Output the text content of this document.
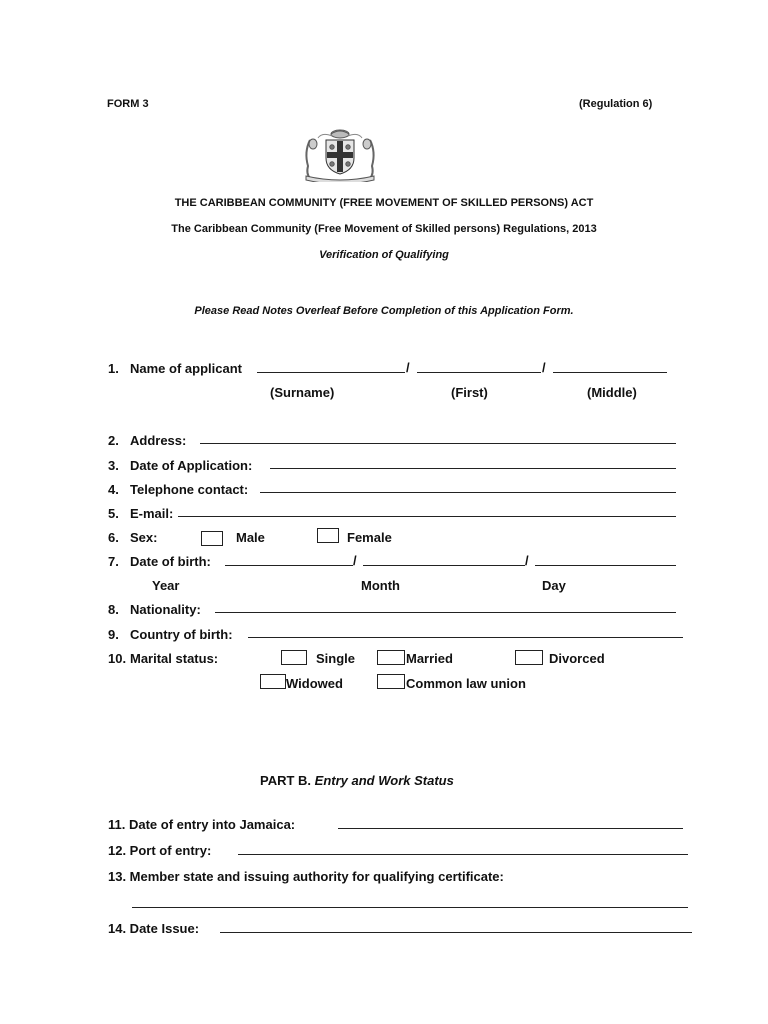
FORM 3	(Regulation 6)
THE CARIBBEAN COMMUNITY (FREE MOVEMENT OF SKILLED PERSONS) ACT
The Caribbean Community (Free Movement of Skilled persons) Regulations, 2013
Verification of Qualifying
Please Read Notes Overleaf Before Completion of this Application Form.
1. Name of applicant	/	/
(Surname)	(First)	(Middle)
2. Address:
3. Date of Application:
4. Telephone contact:
5. E-mail:
6. Sex:	Male	Female
7. Date of birth:	/	/
Year	Month	Day
8. Nationality:
9. Country of birth:
10. Marital status:	Single	Married	Divorced
Widowed	Common law union
PART B. Entry and Work Status
11. Date of entry into Jamaica:
12. Port of entry:
13. Member state and issuing authority for qualifying certificate:
14. Date Issue:
